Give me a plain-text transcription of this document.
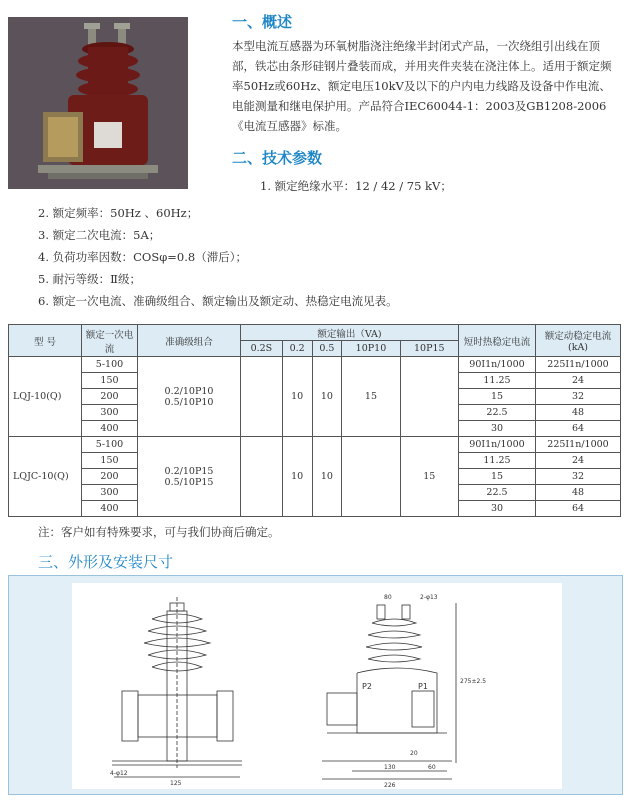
一、概述
本型电流互感器为环氧树脂浇注绝缘半封闭式产品，一次绕组引出线在顶部，铁芯由条形硅钢片叠装而成，并用夹件夹装在浇注体上。适用于额定频率50Hz或60Hz、额定电压10kV及以下的户内电力线路及设备中作电流、电能测量和继电保护用。产品符合IEC60044-1：2003及GB1208-2006《电流互感器》标准。
二、技术参数
1. 额定绝缘水平：12 / 42 / 75 kV；
2. 额定频率：50Hz 、60Hz；
3. 额定二次电流：5A；
4. 负荷功率因数：COSφ=0.8（滞后）；
5. 耐污等级：Ⅱ级；
6. 额定一次电流、准确级组合、额定输出及额定动、热稳定电流见表。
型 号	额定一次电流	准确级组合	额定输出（VA)					短时热稳定电流	额定动稳定电流(kA)
			0.2S	0.2	0.5	10P10	10P15		
LQJ-10(Q)	5-100	0.2/10P10
0.5/10P10		10	10	15		90I1n/1000	225I1n/1000
	150							11.25	24
	200							15	32
	300							22.5	48
	400							30	64
LQJC-10(Q)	5-100	0.2/10P15
0.5/10P15		10	10		15	90I1n/1000	225I1n/1000
	150							11.25	24
	200							15	32
	300							22.5	48
	400							30	64
注：客户如有特殊要求，可与我们协商后确定。
三、外形及安装尺寸
80	2-φ13
275±2.5
20
130	60
226
125
4-φ12
P2	P1
